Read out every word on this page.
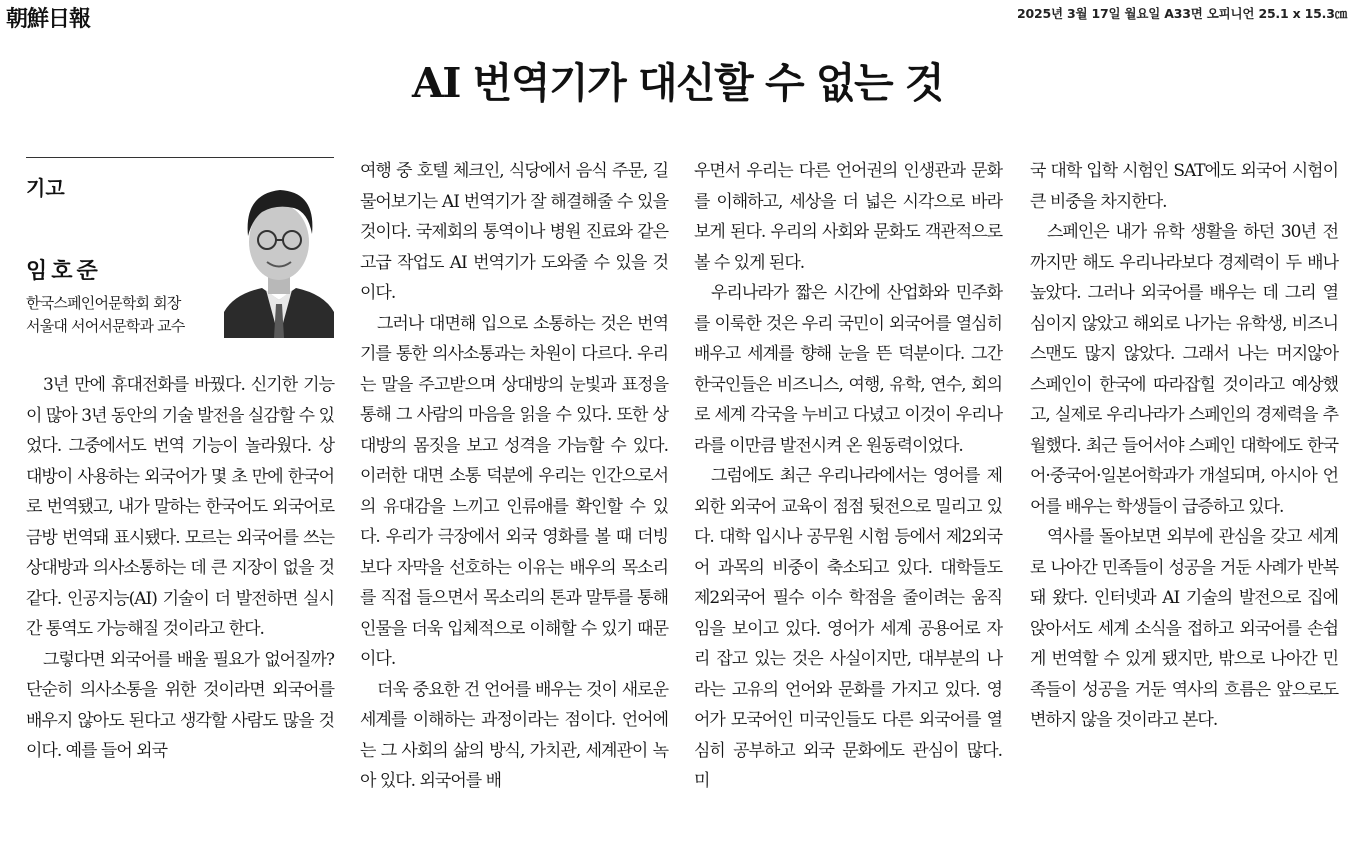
朝鮮日報	2025년 3월 17일 월요일 A33면 오피니언 25.1 x 15.3㎝
AI 번역기가 대신할 수 없는 것
기고
임호준
한국스페인어문학회 회장
서울대 서어서문학과 교수

3년 만에 휴대전화를 바꿨다. 신기한 기능이 많아 3년 동안의 기술 발전을 실감할 수 있었다. 그중에서도 번역 기능이 놀라웠다. 상대방이 사용하는 외국어가 몇 초 만에 한국어로 번역됐고, 내가 말하는 한국어도 외국어로 금방 번역돼 표시됐다. 모르는 외국어를 쓰는 상대방과 의사소통하는 데 큰 지장이 없을 것 같다. 인공지능(AI) 기술이 더 발전하면 실시간 통역도 가능해질 것이라고 한다.

그렇다면 외국어를 배울 필요가 없어질까? 단순히 의사소통을 위한 것이라면 외국어를 배우지 않아도 된다고 생각할 사람도 많을 것이다. 예를 들어 외국

여행 중 호텔 체크인, 식당에서 음식 주문, 길 물어보기는 AI 번역기가 잘 해결해줄 수 있을 것이다. 국제회의 통역이나 병원 진료와 같은 고급 작업도 AI 번역기가 도와줄 수 있을 것이다.

그러나 대면해 입으로 소통하는 것은 번역기를 통한 의사소통과는 차원이 다르다. 우리는 말을 주고받으며 상대방의 눈빛과 표정을 통해 그 사람의 마음을 읽을 수 있다. 또한 상대방의 몸짓을 보고 성격을 가늠할 수 있다. 이러한 대면 소통 덕분에 우리는 인간으로서의 유대감을 느끼고 인류애를 확인할 수 있다. 우리가 극장에서 외국 영화를 볼 때 더빙보다 자막을 선호하는 이유는 배우의 목소리를 직접 들으면서 목소리의 톤과 말투를 통해 인물을 더욱 입체적으로 이해할 수 있기 때문이다.

더욱 중요한 건 언어를 배우는 것이 새로운 세계를 이해하는 과정이라는 점이다. 언어에는 그 사회의 삶의 방식, 가치관, 세계관이 녹아 있다. 외국어를 배

우면서 우리는 다른 언어권의 인생관과 문화를 이해하고, 세상을 더 넓은 시각으로 바라보게 된다. 우리의 사회와 문화도 객관적으로 볼 수 있게 된다.

우리나라가 짧은 시간에 산업화와 민주화를 이룩한 것은 우리 국민이 외국어를 열심히 배우고 세계를 향해 눈을 뜬 덕분이다. 그간 한국인들은 비즈니스, 여행, 유학, 연수, 회의로 세계 각국을 누비고 다녔고 이것이 우리나라를 이만큼 발전시켜 온 원동력이었다.

그럼에도 최근 우리나라에서는 영어를 제외한 외국어 교육이 점점 뒷전으로 밀리고 있다. 대학 입시나 공무원 시험 등에서 제2외국어 과목의 비중이 축소되고 있다. 대학들도 제2외국어 필수 이수 학점을 줄이려는 움직임을 보이고 있다. 영어가 세계 공용어로 자리 잡고 있는 것은 사실이지만, 대부분의 나라는 고유의 언어와 문화를 가지고 있다. 영어가 모국어인 미국인들도 다른 외국어를 열심히 공부하고 외국 문화에도 관심이 많다. 미

국 대학 입학 시험인 SAT에도 외국어 시험이 큰 비중을 차지한다.

스페인은 내가 유학 생활을 하던 30년 전까지만 해도 우리나라보다 경제력이 두 배나 높았다. 그러나 외국어를 배우는 데 그리 열심이지 않았고 해외로 나가는 유학생, 비즈니스맨도 많지 않았다. 그래서 나는 머지않아 스페인이 한국에 따라잡힐 것이라고 예상했고, 실제로 우리나라가 스페인의 경제력을 추월했다. 최근 들어서야 스페인 대학에도 한국어·중국어·일본어학과가 개설되며, 아시아 언어를 배우는 학생들이 급증하고 있다.

역사를 돌아보면 외부에 관심을 갖고 세계로 나아간 민족들이 성공을 거둔 사례가 반복돼 왔다. 인터넷과 AI 기술의 발전으로 집에 앉아서도 세계 소식을 접하고 외국어를 손쉽게 번역할 수 있게 됐지만, 밖으로 나아간 민족들이 성공을 거둔 역사의 흐름은 앞으로도 변하지 않을 것이라고 본다.
